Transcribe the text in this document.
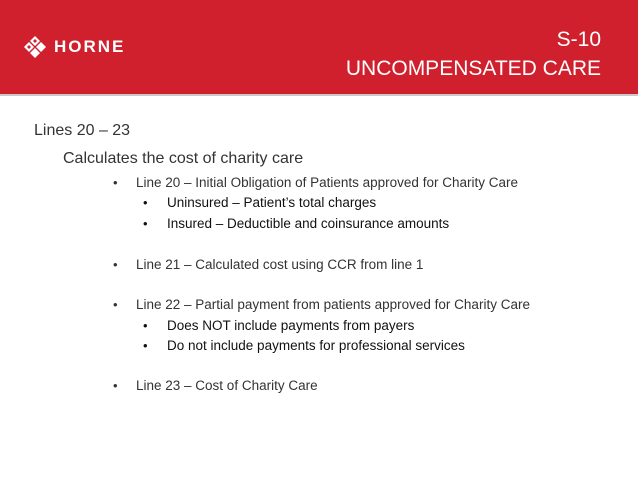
HORNE	S-10
UNCOMPENSATED CARE
Lines 20 – 23
Calculates the cost of charity care
• Line 20 – Initial Obligation of Patients approved for Charity Care
• Uninsured – Patient’s total charges
• Insured – Deductible and coinsurance amounts
• Line 21 – Calculated cost using CCR from line 1
• Line 22 – Partial payment from patients approved for Charity Care
• Does NOT include payments from payers
• Do not include payments for professional services
• Line 23 – Cost of Charity Care
